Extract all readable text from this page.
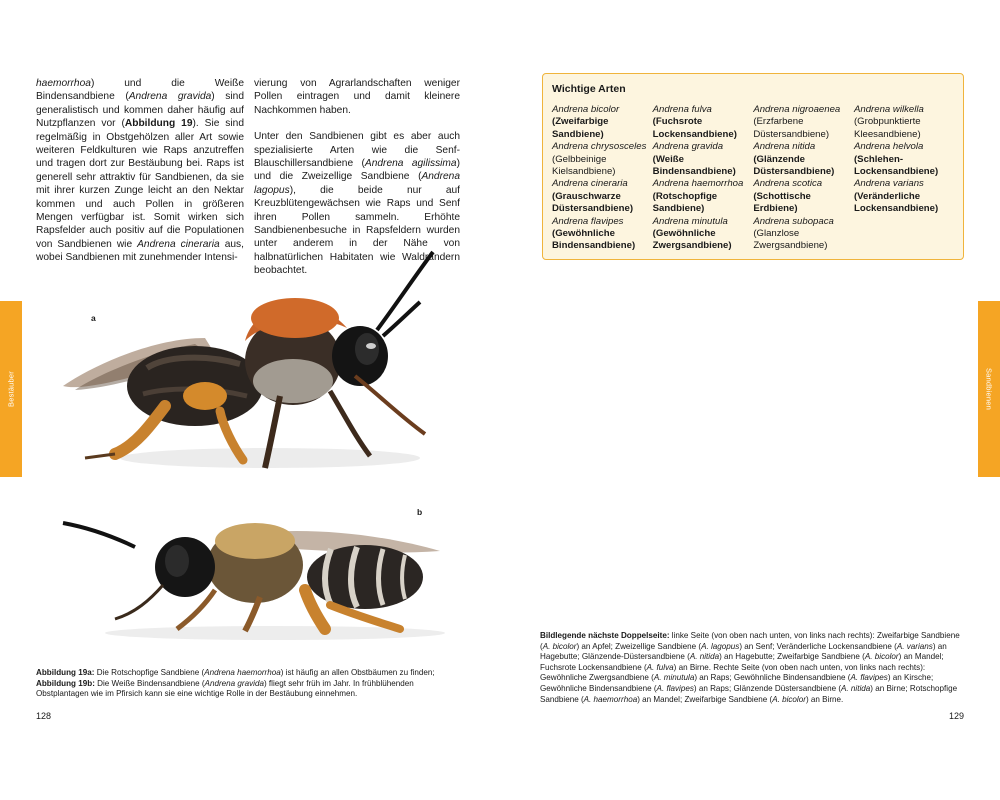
haemorrhoa) und die Weiße Bindensandbiene (Andrena gravida) sind generalistisch und kommen daher häufig auf Nutzpflanzen vor (Abbildung 19). Sie sind regelmäßig in Obstgehölzen aller Art sowie weiteren Feldkulturen wie Raps anzutreffen und tragen dort zur Bestäubung bei. Raps ist generell sehr attraktiv für Sandbienen, da sie mit ihrer kurzen Zunge leicht an den Nektar kommen und auch Pollen in größeren Mengen verfügbar ist. Somit wirken sich Rapsfelder auch positiv auf die Populationen von Sandbienen wie Andrena cineraria aus, wobei Sandbienen mit zunehmender Intensi-

vierung von Agrarlandschaften weniger Pollen eintragen und damit kleinere Nachkommen haben.

Unter den Sandbienen gibt es aber auch spezialisierte Arten wie die Senf-Blauschillersandbiene (Andrena agilissima) und die Zweizellige Sandbiene (Andrena lagopus), die beide nur auf Kreuzblütengewächsen wie Raps und Senf ihren Pollen sammeln. Erhöhte Sandbienenbesuche in Rapsfeldern wurden unter anderem in der Nähe von halbnatürlichen Habitaten wie Waldrändern beobachtet.

Bestäuber
a
b

Abbildung 19a: Die Rotschopfige Sandbiene (Andrena haemorrhoa) ist häufig an allen Obstbäumen zu finden; Abbildung 19b: Die Weiße Bindensandbiene (Andrena gravida) fliegt sehr früh im Jahr. In frühblühenden Obstplantagen wie im Pfirsich kann sie eine wichtige Rolle in der Bestäubung einnehmen.

128
Wichtige Arten
Andrena bicolor (Zweifarbige Sandbiene)
Andrena chrysosceles (Gelbbeinige Kielsandbiene)
Andrena cineraria (Grauschwarze Düstersandbiene)
Andrena flavipes (Gewöhnliche Bindensandbiene)
Andrena fulva (Fuchsrote Lockensandbiene)
Andrena gravida (Weiße Bindensandbiene)
Andrena haemorrhoa (Rotschopfige Sandbiene)
Andrena minutula (Gewöhnliche Zwergsandbiene)
Andrena nigroaenea (Erzfarbene Düstersandbiene)
Andrena nitida (Glänzende Düstersandbiene)
Andrena scotica (Schottische Erdbiene)
Andrena subopaca (Glanzlose Zwergsandbiene)
Andrena wilkella (Grobpunktierte Kleesandbiene)
Andrena helvola (Schlehen-Lockensandbiene)
Andrena varians (Veränderliche Lockensandbiene)
Sandbienen

Bildlegende nächste Doppelseite: linke Seite (von oben nach unten, von links nach rechts): Zweifarbige Sandbiene (A. bicolor) an Apfel; Zweizellige Sandbiene (A. lagopus) an Senf; Veränderliche Lockensandbiene (A. varians) an Hagebutte; Glänzende-Düstersandbiene (A. nitida) an Hagebutte; Zweifarbige Sandbiene (A. bicolor) an Mandel; Fuchsrote Lockensandbiene (A. fulva) an Birne. Rechte Seite (von oben nach unten, von links nach rechts): Gewöhnliche Zwergsandbiene (A. minutula) an Raps; Gewöhnliche Bindensandbiene (A. flavipes) an Kirsche; Gewöhnliche Bindensandbiene (A. flavipes) an Raps; Glänzende Düstersandbiene (A. nitida) an Birne; Rotschopfige Sandbiene (A. haemorrhoa) an Mandel; Zweifarbige Sandbiene (A. bicolor) an Birne.

129
